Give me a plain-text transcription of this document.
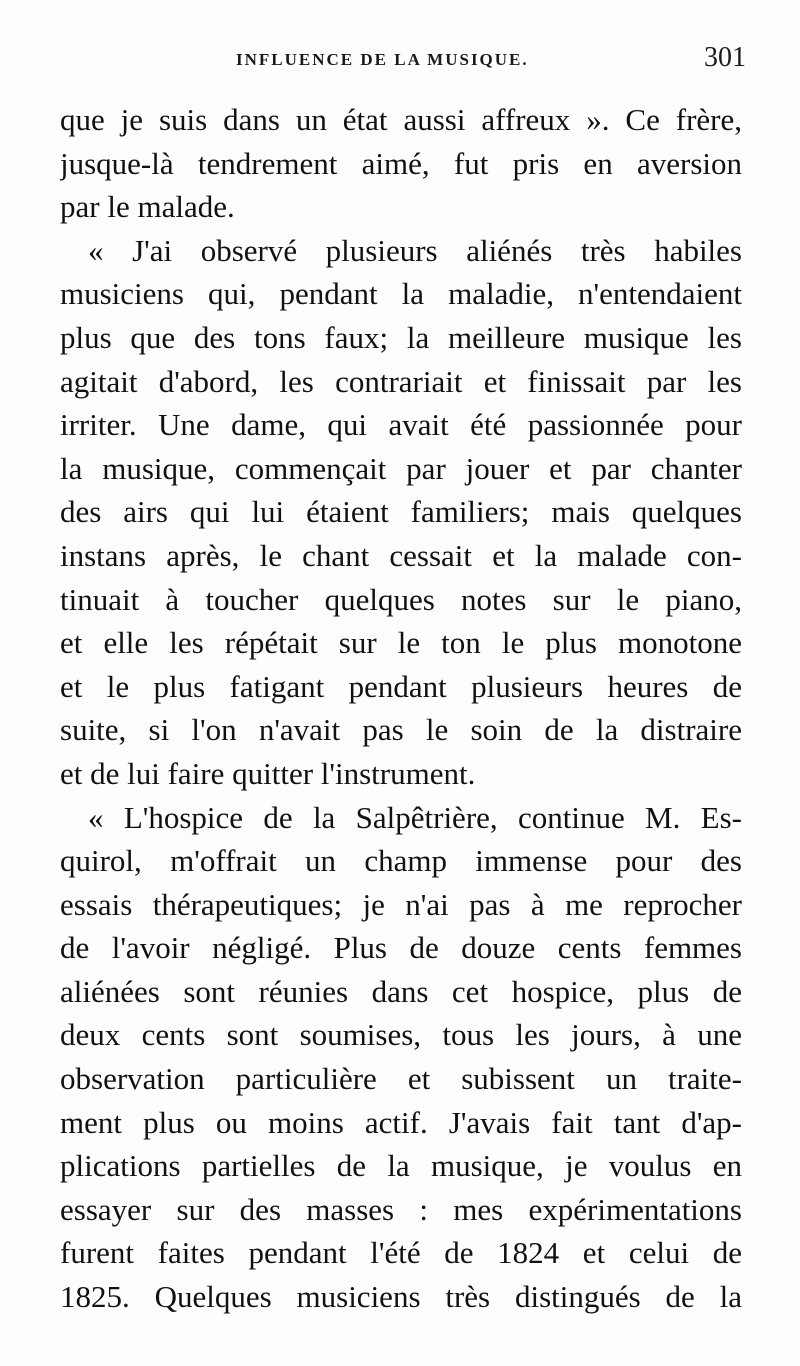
INFLUENCE DE LA MUSIQUE.	301
que je suis dans un état aussi affreux ». Ce frère,
jusque-là tendrement aimé, fut pris en aversion
par le malade.
« J'ai observé plusieurs aliénés très habiles
musiciens qui, pendant la maladie, n'entendaient
plus que des tons faux; la meilleure musique les
agitait d'abord, les contrariait et finissait par les
irriter. Une dame, qui avait été passionnée pour
la musique, commençait par jouer et par chanter
des airs qui lui étaient familiers; mais quelques
instans après, le chant cessait et la malade con-
tinuait à toucher quelques notes sur le piano,
et elle les répétait sur le ton le plus monotone
et le plus fatigant pendant plusieurs heures de
suite, si l'on n'avait pas le soin de la distraire
et de lui faire quitter l'instrument.
« L'hospice de la Salpêtrière, continue M. Es-
quirol, m'offrait un champ immense pour des
essais thérapeutiques; je n'ai pas à me reprocher
de l'avoir négligé. Plus de douze cents femmes
aliénées sont réunies dans cet hospice, plus de
deux cents sont soumises, tous les jours, à une
observation particulière et subissent un traite-
ment plus ou moins actif. J'avais fait tant d'ap-
plications partielles de la musique, je voulus en
essayer sur des masses : mes expérimentations
furent faites pendant l'été de 1824 et celui de
1825. Quelques musiciens très distingués de la
